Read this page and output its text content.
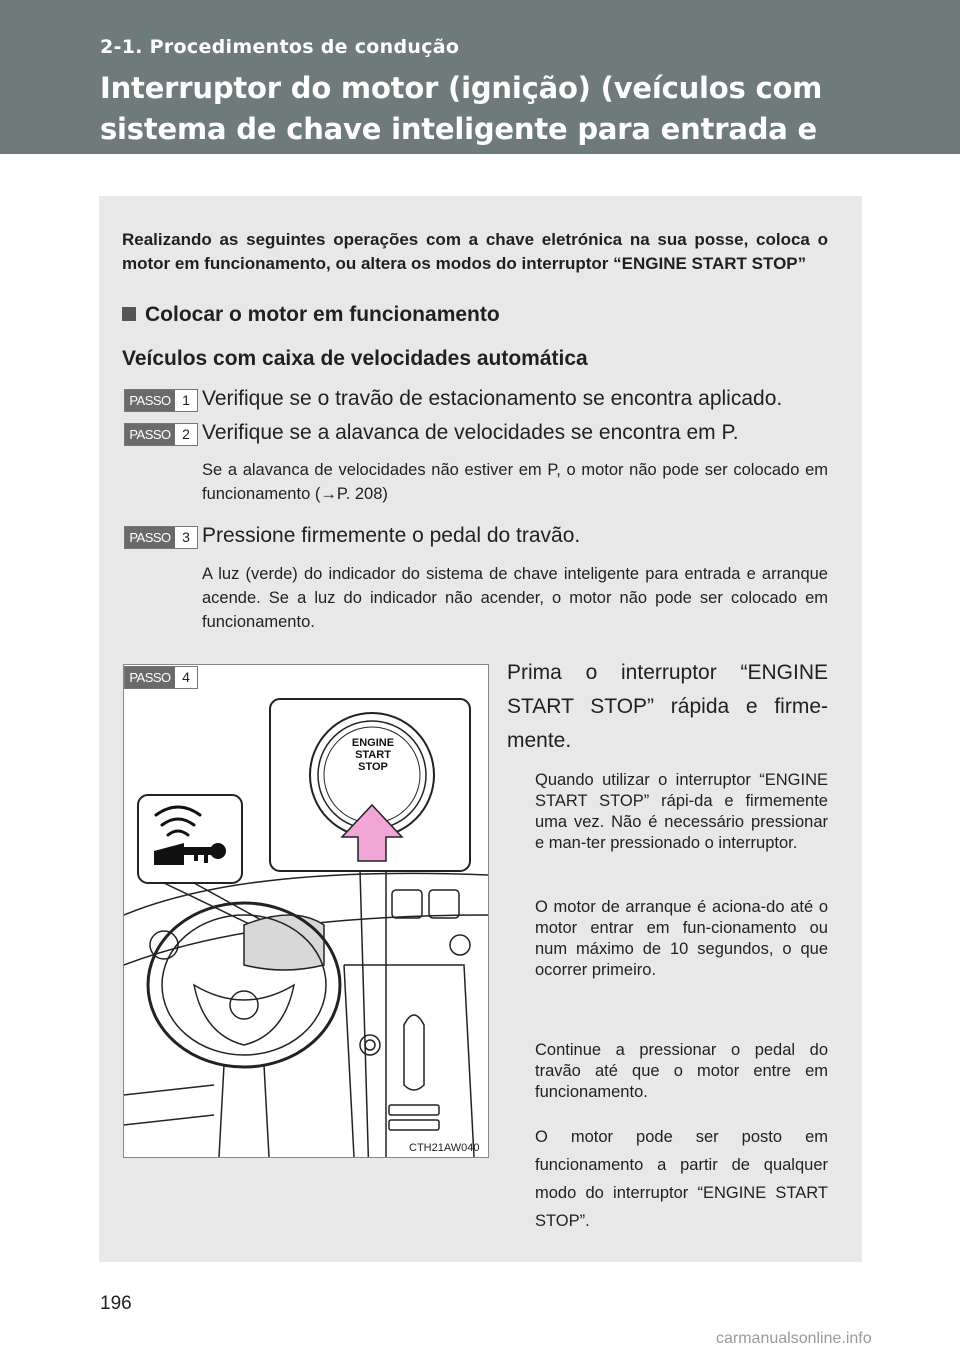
2-1. Procedimentos de condução
Interruptor do motor (ignição) (veículos com sistema de chave inteligente para entrada e arranque)
Realizando as seguintes operações com a chave eletrónica na sua posse, coloca o motor em funcionamento, ou altera os modos do interruptor “ENGINE START STOP”
Colocar o motor em funcionamento
Veículos com caixa de velocidades automática
PASSO 1 Verifique se o travão de estacionamento se encontra aplicado.
PASSO 2 Verifique se a alavanca de velocidades se encontra em P.
Se a alavanca de velocidades não estiver em P, o motor não pode ser colocado em funcionamento (→P. 208)
PASSO 3 Pressione firmemente o pedal do travão.
A luz (verde) do indicador do sistema de chave inteligente para entrada e arranque acende. Se a luz do indicador não acender, o motor não pode ser colocado em funcionamento.
ENGINE
START
STOP
CTH21AW040
PASSO 4	Prima o interruptor “ENGINE START STOP” rápida e firme-mente.
Quando utilizar o interruptor “ENGINE START STOP” rápi-da e firmemente uma vez. Não é necessário pressionar e man-ter pressionado o interruptor.
O motor de arranque é aciona-do até o motor entrar em fun-cionamento ou num máximo de 10 segundos, o que ocorrer primeiro.
Continue a pressionar o pedal do travão até que o motor entre em funcionamento.
O motor pode ser posto em funcionamento a partir de qualquer modo do interruptor “ENGINE START STOP”.
196
carmanualsonline.info
